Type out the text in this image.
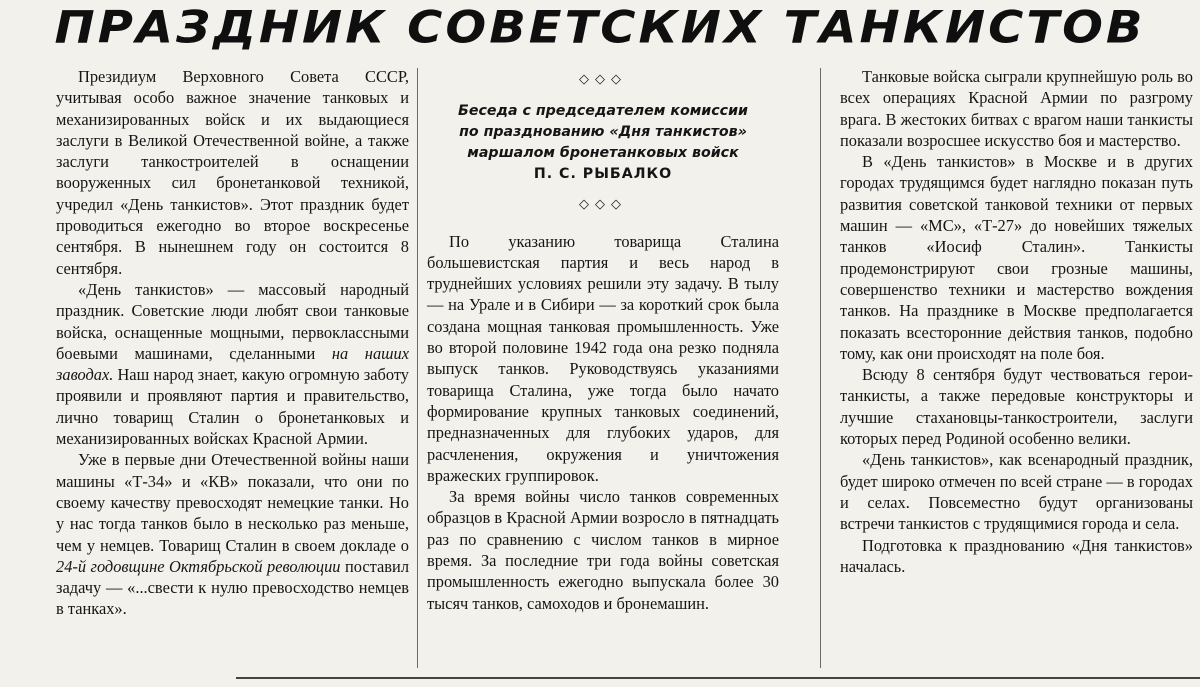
ПРАЗДНИК СОВЕТСКИХ ТАНКИСТОВ

Президиум Верховного Совета СССР, учитывая особо важное значение танковых и механизированных войск и их выдающиеся заслуги в Великой Отечественной войне, а также заслуги танкостроителей в оснащении вооруженных сил бронетанковой техникой, учредил «День танкистов». Этот праздник будет проводиться ежегодно во второе воскресенье сентября. В нынешнем году он состоится 8 сентября.

«День танкистов» — массовый народный праздник. Советские люди любят свои танковые войска, оснащенные мощными, первоклассными боевыми машинами, сделанными на наших заводах. Наш народ знает, какую огромную заботу проявили и проявляют партия и правительство, лично товарищ Сталин о бронетанковых и механизированных войсках Красной Армии.

Уже в первые дни Отечественной войны наши машины «Т-34» и «КВ» показали, что они по своему качеству превосходят немецкие танки. Но у нас тогда танков было в несколько раз меньше, чем у немцев. Товарищ Сталин в своем докладе о 24-й годовщине Октябрьской революции поставил задачу — «...свести к нулю превосходство немцев в танках».

◇◇◇
Беседа с председателем комиссии
по празднованию «Дня танкистов»
маршалом бронетанковых войск
П. С. РЫБАЛКО
◇◇◇

По указанию товарища Сталина большевистская партия и весь народ в труднейших условиях решили эту задачу. В тылу — на Урале и в Сибири — за короткий срок была создана мощная танковая промышленность. Уже во второй половине 1942 года она резко подняла выпуск танков. Руководствуясь указаниями товарища Сталина, уже тогда было начато формирование крупных танковых соединений, предназначенных для глубоких ударов, для расчленения, окружения и уничтожения вражеских группировок.

За время войны число танков современных образцов в Красной Армии возросло в пятнадцать раз по сравнению с числом танков в мирное время. За последние три года войны советская промышленность ежегодно выпускала более 30 тысяч танков, самоходов и бронемашин.

Танковые войска сыграли крупнейшую роль во всех операциях Красной Армии по разгрому врага. В жестоких битвах с врагом наши танкисты показали возросшее искусство боя и мастерство.

В «День танкистов» в Москве и в других городах трудящимся будет наглядно показан путь развития советской танковой техники от первых машин — «МС», «Т-27» до новейших тяжелых танков «Иосиф Сталин». Танкисты продемонстрируют свои грозные машины, совершенство техники и мастерство вождения танков. На празднике в Москве предполагается показать всесторонние действия танков, подобно тому, как они происходят на поле боя.

Всюду 8 сентября будут чествоваться герои-танкисты, а также передовые конструкторы и лучшие стахановцы-танкостроители, заслуги которых перед Родиной особенно велики.

«День танкистов», как всенародный праздник, будет широко отмечен по всей стране — в городах и селах. Повсеместно будут организованы встречи танкистов с трудящимися города и села.

Подготовка к празднованию «Дня танкистов» началась.
